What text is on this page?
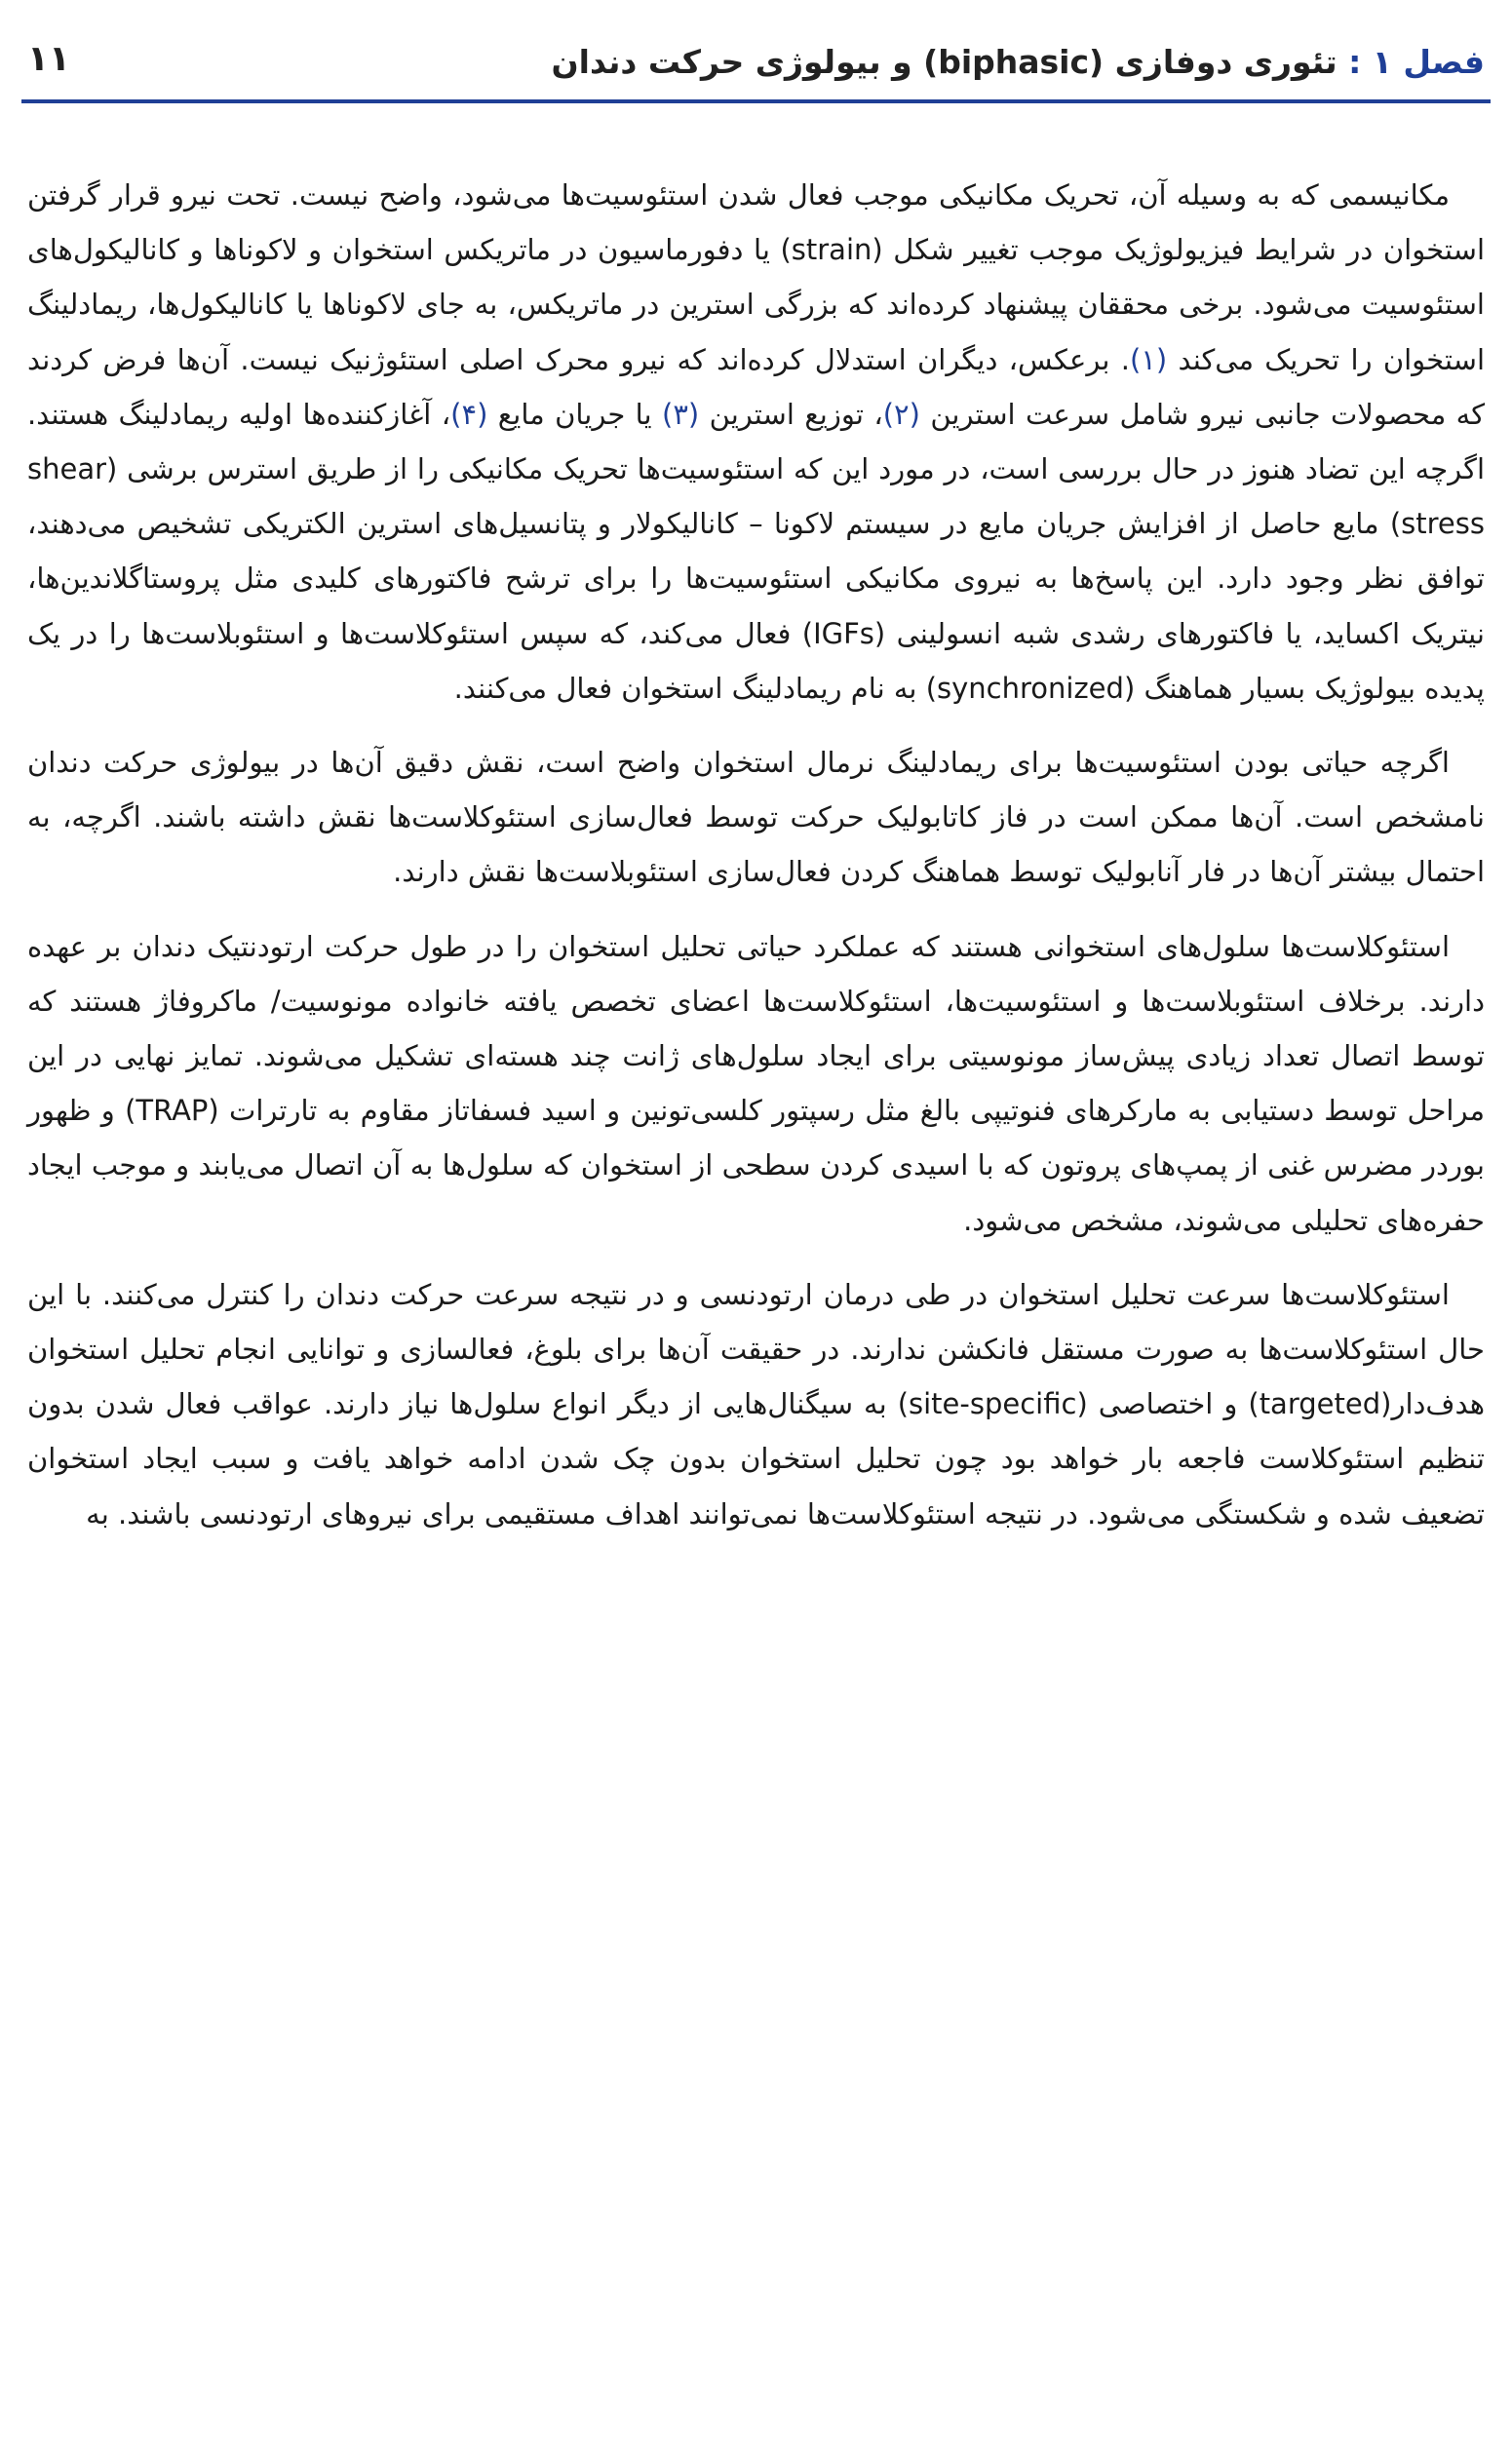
فصل ۱ : تئوری دوفازی (biphasic) و بیولوژی حرکت دندان
۱۱

مکانیسمی که به وسیله آن، تحریک مکانیکی موجب فعال شدن استئوسیت‌ها می‌شود، واضح نیست. تحت نیرو قرار گرفتن استخوان در شرایط فیزیولوژیک موجب تغییر شکل (strain) یا دفورماسیون در ماتریکس استخوان و لاکوناها و کانالیکول‌های استئوسیت می‌شود. برخی محققان پیشنهاد کرده‌اند که بزرگی استرین در ماتریکس، به جای لاکوناها یا کانالیکول‌ها، ریمادلینگ استخوان را تحریک می‌کند (۱). برعکس، دیگران استدلال کرده‌اند که نیرو محرک اصلی استئوژنیک نیست. آن‌ها فرض کردند که محصولات جانبی نیرو شامل سرعت استرین (۲)، توزیع استرین (۳) یا جریان مایع (۴)، آغازکننده‌ها اولیه ریمادلینگ هستند. اگرچه این تضاد هنوز در حال بررسی است، در مورد این که استئوسیت‌ها تحریک مکانیکی را از طریق استرس برشی (shear stress) مایع حاصل از افزایش جریان مایع در سیستم لاکونا – کانالیکولار و پتانسیل‌های استرین الکتریکی تشخیص می‌دهند، توافق نظر وجود دارد. این پاسخ‌ها به نیروی مکانیکی استئوسیت‌ها را برای ترشح فاکتورهای کلیدی مثل پروستاگلاندین‌ها، نیتریک اکساید، یا فاکتورهای رشدی شبه انسولینی (IGFs) فعال می‌کند، که سپس استئوکلاست‌ها و استئوبلاست‌ها را در یک پدیده بیولوژیک بسیار هماهنگ (synchronized) به نام ریمادلینگ استخوان فعال می‌کنند.

اگرچه حیاتی بودن استئوسیت‌ها برای ریمادلینگ نرمال استخوان واضح است، نقش دقیق آن‌ها در بیولوژی حرکت دندان نامشخص است. آن‌ها ممکن است در فاز کاتابولیک حرکت توسط فعال‌سازی استئوکلاست‌ها نقش داشته باشند. اگرچه، به احتمال بیشتر آن‌ها در فار آنابولیک توسط هماهنگ کردن فعال‌سازی استئوبلاست‌ها نقش دارند.

استئوکلاست‌ها سلول‌های استخوانی هستند که عملکرد حیاتی تحلیل استخوان را در طول حرکت ارتودنتیک دندان بر عهده دارند. برخلاف استئوبلاست‌ها و استئوسیت‌ها، استئوکلاست‌ها اعضای تخصص یافته خانواده مونوسیت/ ماکروفاژ هستند که توسط اتصال تعداد زیادی پیش‌ساز مونوسیتی برای ایجاد سلول‌های ژانت چند هسته‌ای تشکیل می‌شوند. تمایز نهایی در این مراحل توسط دستیابی به مارکرهای فنوتیپی بالغ مثل رسپتور کلسی‌تونین و اسید فسفاتاز مقاوم به تارترات (TRAP) و ظهور بوردر مضرس غنی از پمپ‌های پروتون که با اسیدی کردن سطحی از استخوان که سلول‌ها به آن اتصال می‌یابند و موجب ایجاد حفره‌های تحلیلی می‌شوند، مشخص می‌شود.

استئوکلاست‌ها سرعت تحلیل استخوان در طی درمان ارتودنسی و در نتیجه سرعت حرکت دندان را کنترل می‌کنند. با این حال استئوکلاست‌ها به صورت مستقل فانکشن ندارند. در حقیقت آن‌ها برای بلوغ، فعالسازی و توانایی انجام تحلیل استخوان هدف‌دار(targeted) و اختصاصی (site-specific) به سیگنال‌هایی از دیگر انواع سلول‌ها نیاز دارند. عواقب فعال شدن بدون تنظیم استئوکلاست فاجعه بار خواهد بود چون تحلیل استخوان بدون چک شدن ادامه خواهد یافت و سبب ایجاد استخوان تضعیف شده و شکستگی می‌شود. در نتیجه استئوکلاست‌ها نمی‌توانند اهداف مستقیمی برای نیروهای ارتودنسی باشند. به
